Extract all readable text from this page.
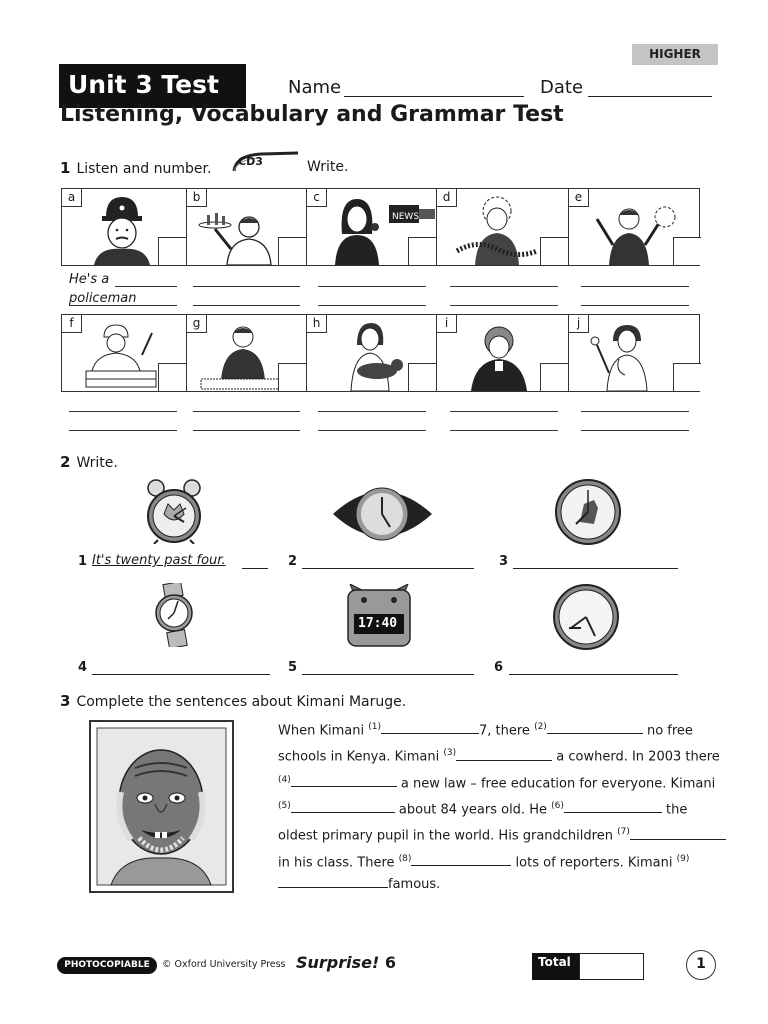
HIGHER
Unit 3 Test	Name	Date
Listening, Vocabulary and Grammar Test
1 Listen and number. CD3	Write.
a	b	c
NEWS
d	e
He's a
policeman
f	g	h	i	j
2 Write.
1 It's twenty past four.	2	3
17:40
4	5	6
3 Complete the sentences about Kimani Maruge.
When Kimani $^{(1)}$	7, there $^{(2)}$	no free schools in Kenya. Kimani $^{(3)}$	a cowherd. In 2003 there $^{(4)}$	a new law – free education for everyone. Kimani $^{(5)}$	about 84 years old. He $^{(6)}$	the oldest primary pupil in the world. His grandchildren $^{(7)}$ in his class. There $^{(8)}$	lots of reporters. Kimani $^{(9)}$famous.
PHOTOCOPIABLE	© Oxford University Press Surprise! 6	Total	1
